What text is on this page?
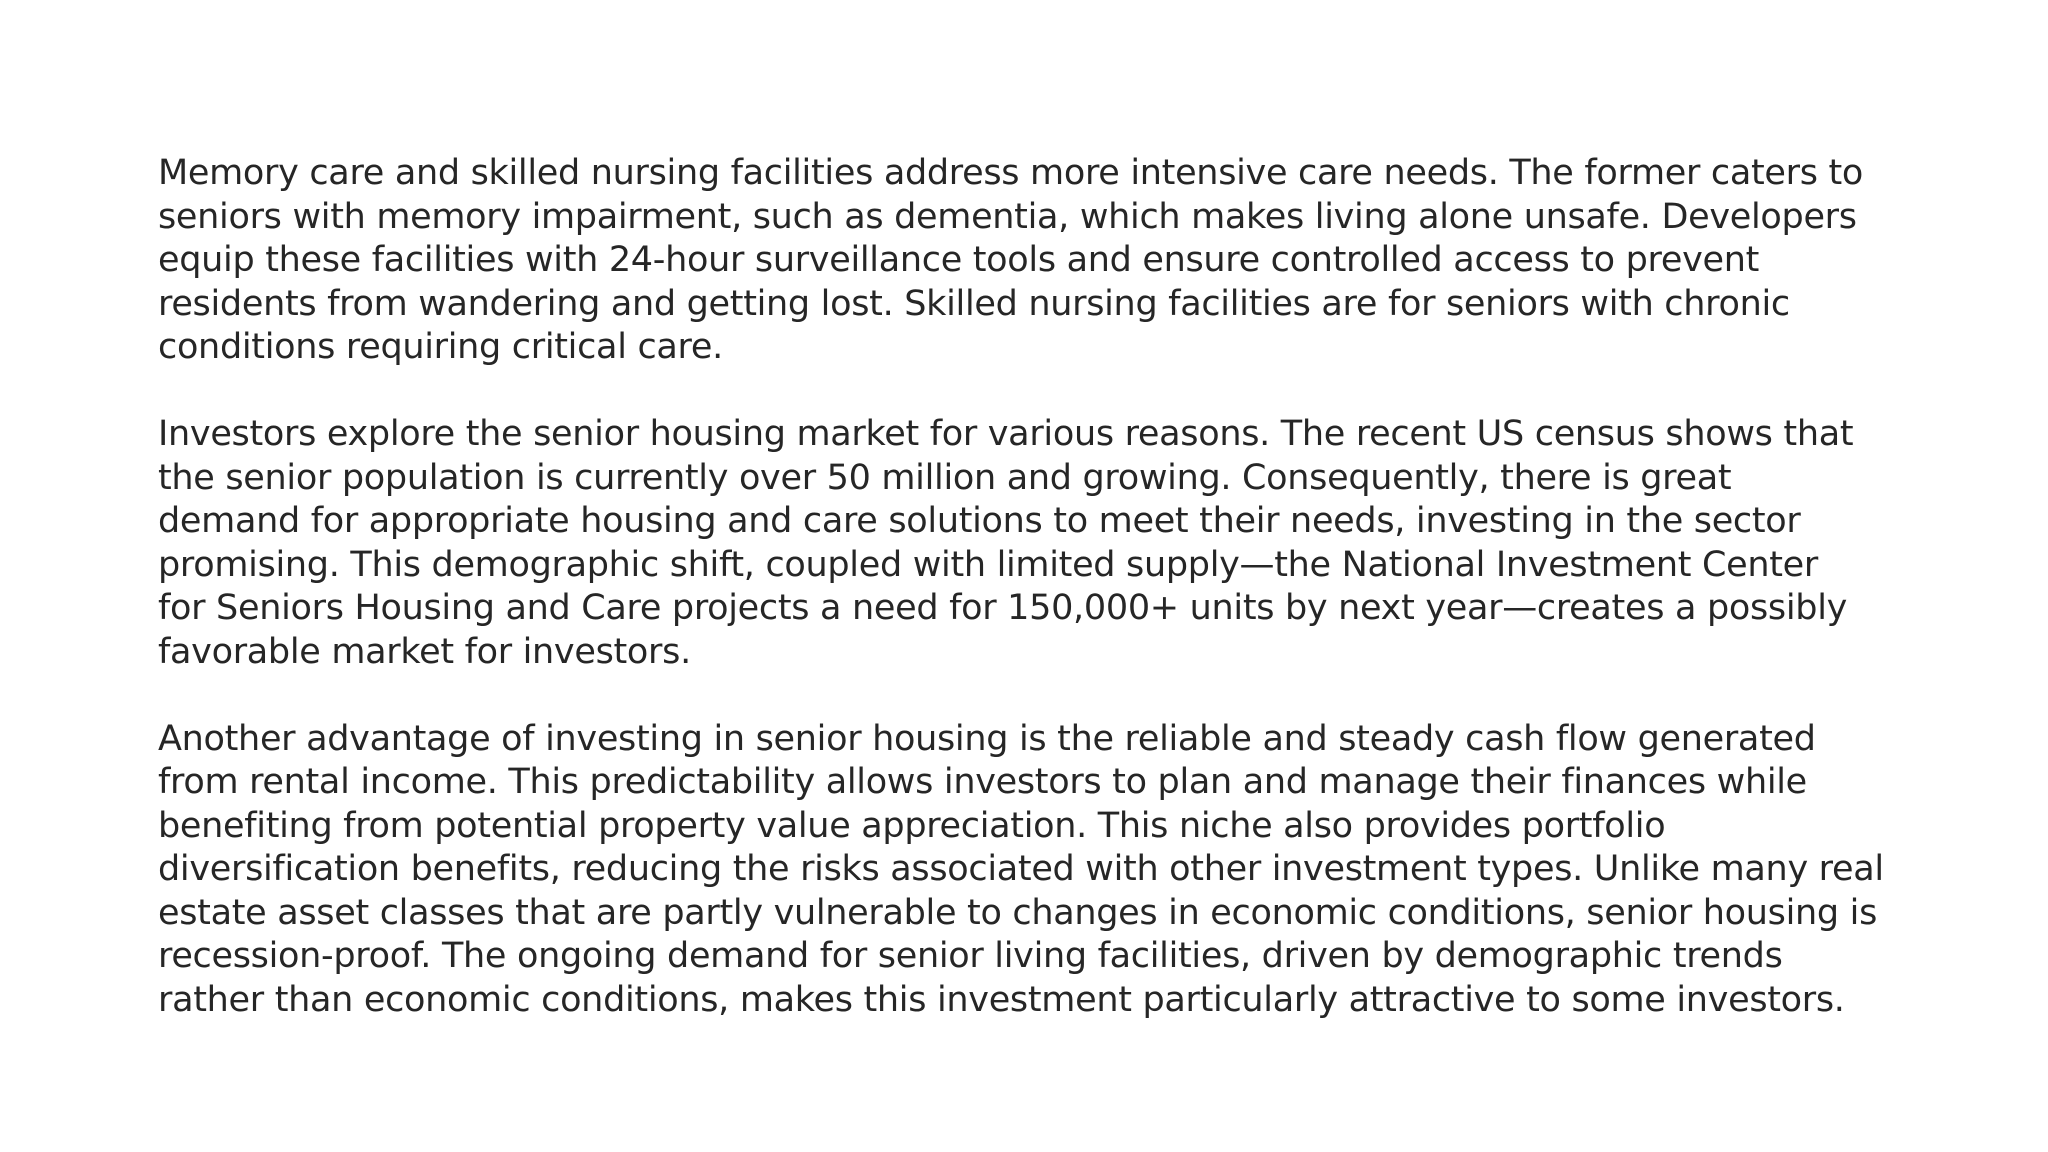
Memory care and skilled nursing facilities address more intensive care needs. The former caters to
seniors with memory impairment, such as dementia, which makes living alone unsafe. Developers
equip these facilities with 24-hour surveillance tools and ensure controlled access to prevent
residents from wandering and getting lost. Skilled nursing facilities are for seniors with chronic
conditions requiring critical care.

Investors explore the senior housing market for various reasons. The recent US census shows that
the senior population is currently over 50 million and growing. Consequently, there is great
demand for appropriate housing and care solutions to meet their needs, investing in the sector
promising. This demographic shift, coupled with limited supply—the National Investment Center
for Seniors Housing and Care projects a need for 150,000+ units by next year—creates a possibly
favorable market for investors.

Another advantage of investing in senior housing is the reliable and steady cash flow generated
from rental income. This predictability allows investors to plan and manage their finances while
benefiting from potential property value appreciation. This niche also provides portfolio
diversification benefits, reducing the risks associated with other investment types. Unlike many real
estate asset classes that are partly vulnerable to changes in economic conditions, senior housing is
recession-proof. The ongoing demand for senior living facilities, driven by demographic trends
rather than economic conditions, makes this investment particularly attractive to some investors.
